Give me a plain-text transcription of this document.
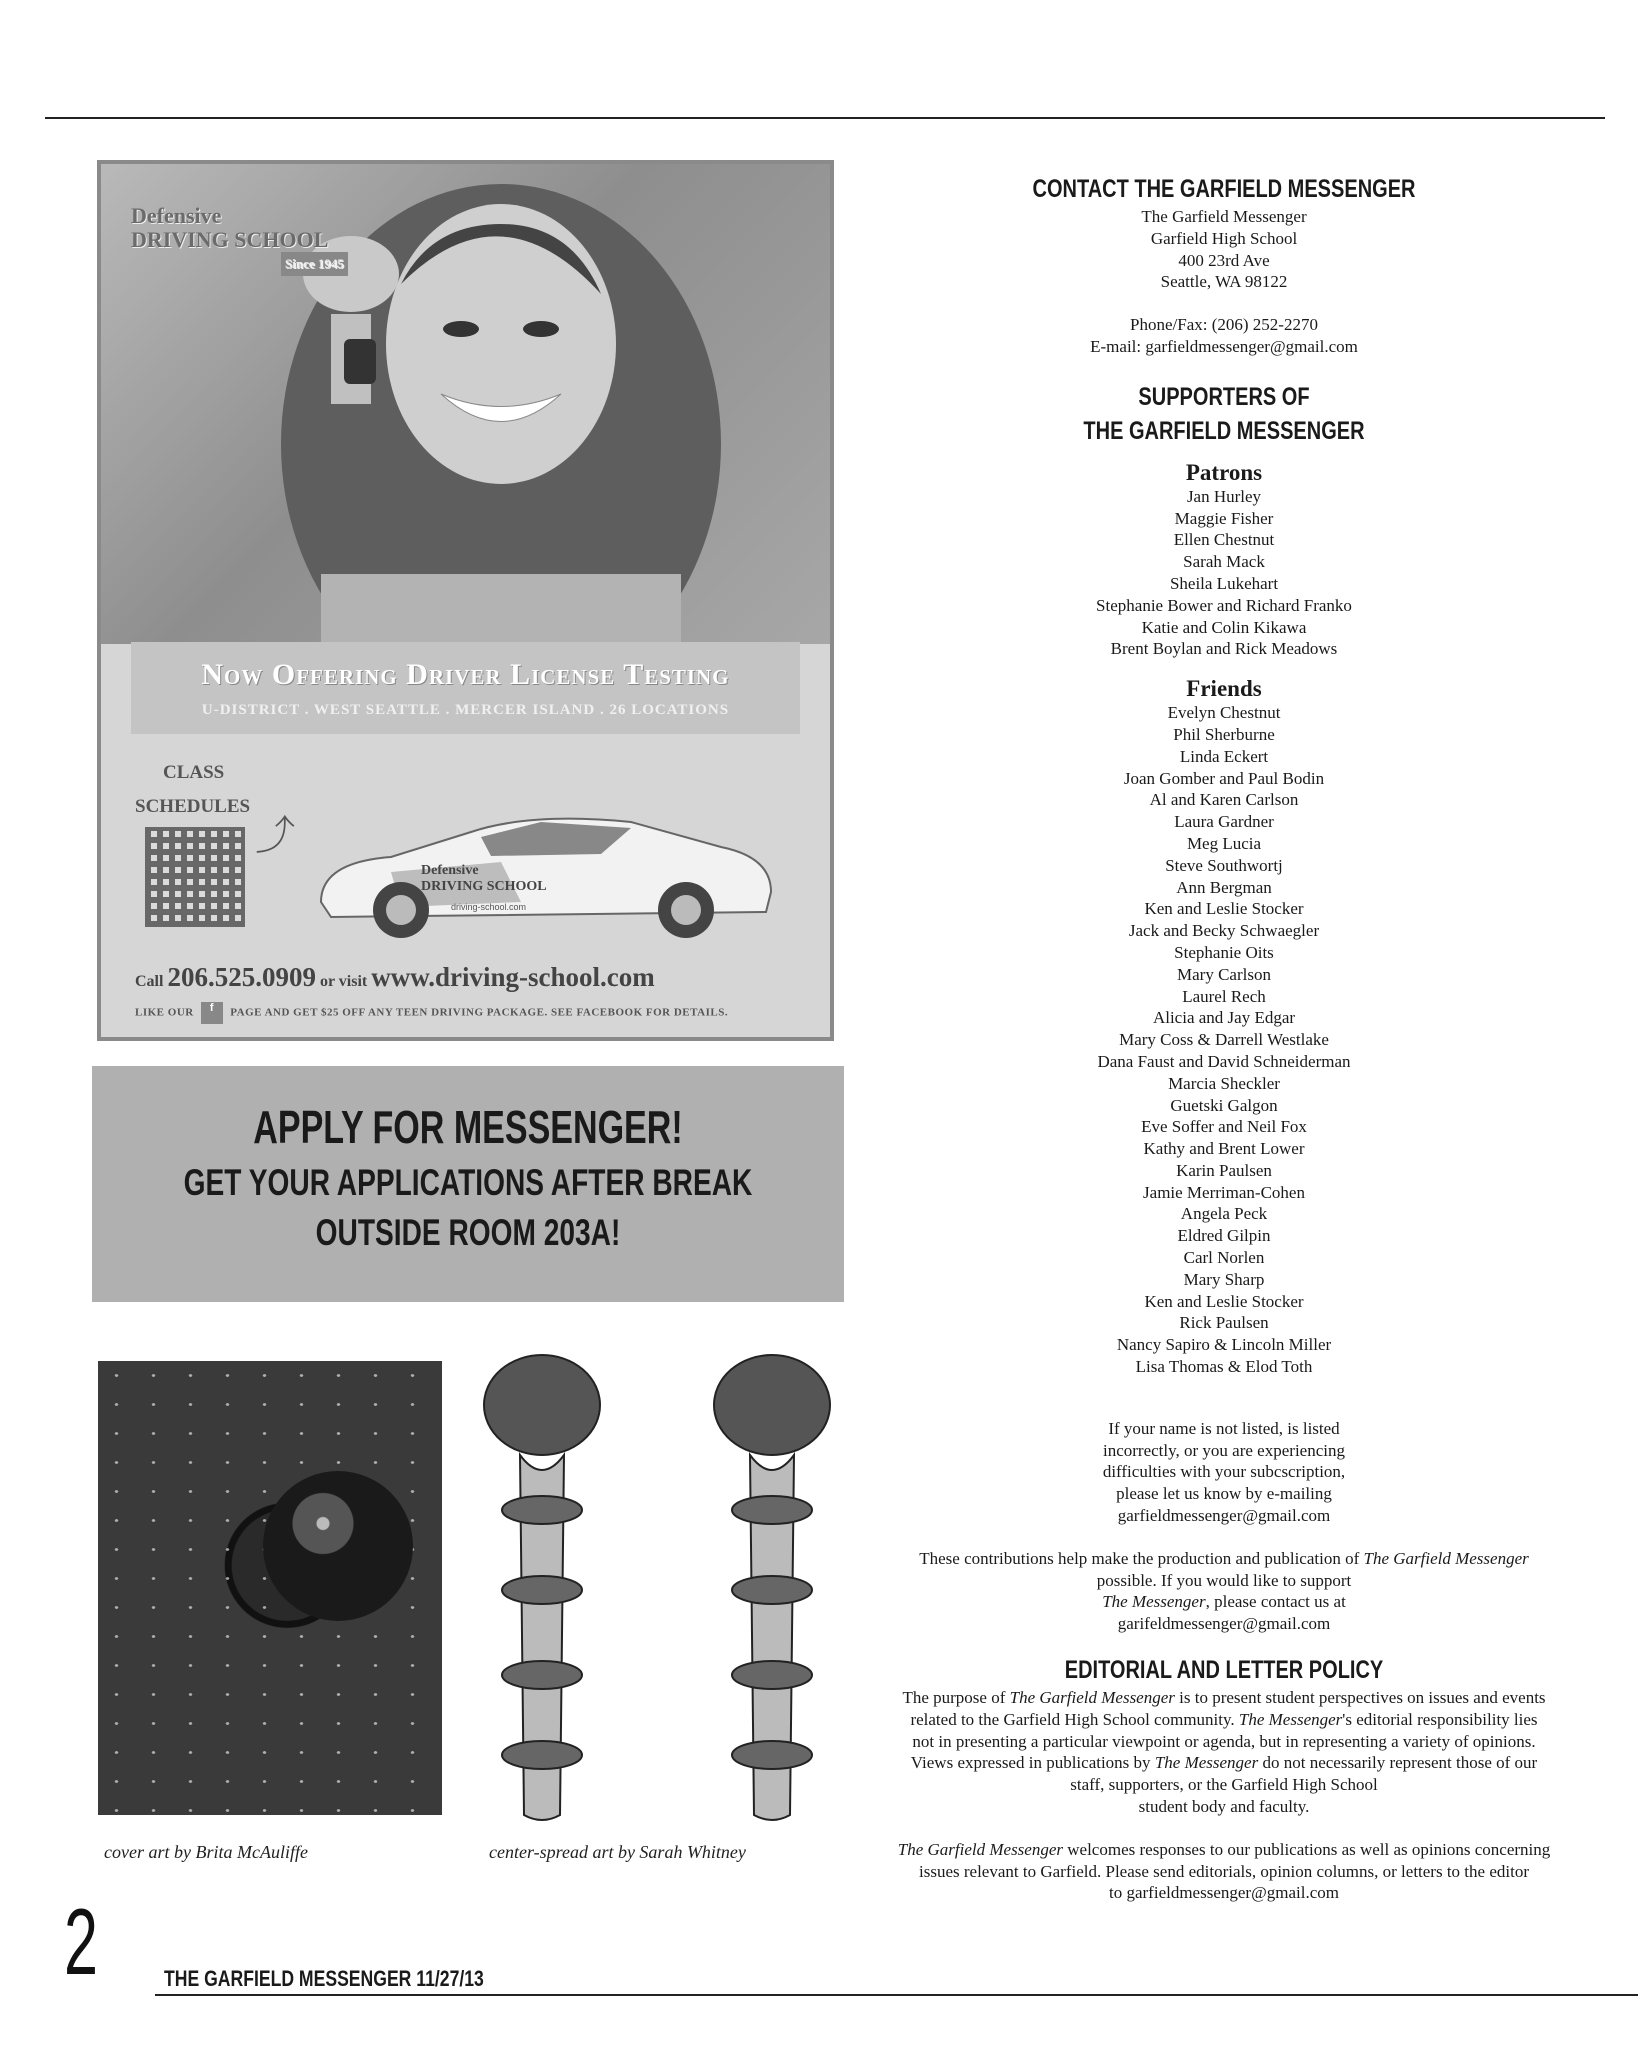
Defensive
DRIVING SCHOOL
Since 1945
Now Offering Driver License Testing
U-DISTRICT . WEST SEATTLE . MERCER ISLAND . 26 LOCATIONS
CLASS
SCHEDULES
⤴
Defensive
DRIVING SCHOOL
driving-school.com
Call 206.525.0909 or visit www.driving-school.com
LIKE OUR f PAGE AND GET $25 OFF ANY TEEN DRIVING PACKAGE. SEE FACEBOOK FOR DETAILS.
APPLY FOR MESSENGER!
GET YOUR APPLICATIONS AFTER BREAK
OUTSIDE ROOM 203A!
cover art by Brita McAuliffe	center-spread art by Sarah Whitney
CONTACT THE GARFIELD MESSENGER

The Garfield Messenger

Garfield High School

400 23rd Ave

Seattle, WA 98122

Phone/Fax: (206) 252-2270

E-mail: garfieldmessenger@gmail.com

SUPPORTERS OF
THE GARFIELD MESSENGER
Patrons

Jan Hurley

Maggie Fisher

Ellen Chestnut

Sarah Mack

Sheila Lukehart

Stephanie Bower and Richard Franko

Katie and Colin Kikawa

Brent Boylan and Rick Meadows

Friends

Evelyn Chestnut

Phil Sherburne

Linda Eckert

Joan Gomber and Paul Bodin

Al and Karen Carlson

Laura Gardner

Meg Lucia

Steve Southwortj

Ann Bergman

Ken and Leslie Stocker

Jack and Becky Schwaegler

Stephanie Oits

Mary Carlson

Laurel Rech

Alicia and Jay Edgar

Mary Coss & Darrell Westlake

Dana Faust and David Schneiderman

Marcia Sheckler

Guetski Galgon

Eve Soffer and Neil Fox

Kathy and Brent Lower

Karin Paulsen

Jamie Merriman-Cohen

Angela Peck

Eldred Gilpin

Carl Norlen

Mary Sharp

Ken and Leslie Stocker

Rick Paulsen

Nancy Sapiro & Lincoln Miller

Lisa Thomas & Elod Toth

If your name is not listed, is listed

incorrectly, or you are experiencing

difficulties with your subcscription,

please let us know by e-mailing

garfieldmessenger@gmail.com

These contributions help make the production and publication of The Garfield Messenger

possible. If you would like to support

The Messenger, please contact us at

garifeldmessenger@gmail.com

EDITORIAL AND LETTER POLICY

The purpose of The Garfield Messenger is to present student perspectives on issues and events

related to the Garfield High School community. The Messenger's editorial responsibility lies

not in presenting a particular viewpoint or agenda, but in representing a variety of opinions.

Views expressed in publications by The Messenger do not necessarily represent those of our

staff, supporters, or the Garfield High School

student body and faculty.

The Garfield Messenger welcomes responses to our publications as well as opinions concerning

issues relevant to Garfield. Please send editorials, opinion columns, or letters to the editor

to garfieldmessenger@gmail.com

2	THE GARFIELD MESSENGER 11/27/13
